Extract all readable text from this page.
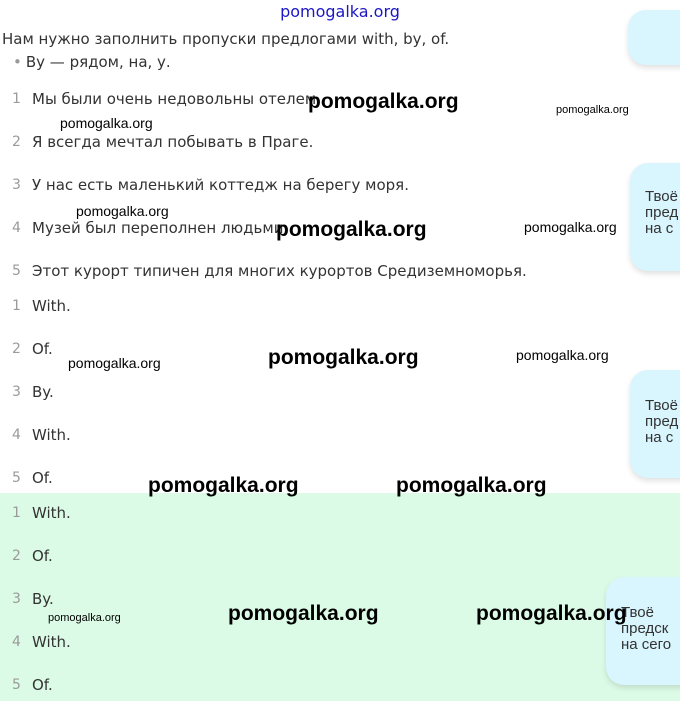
pomogalka.org
Нам нужно заполнить пропуски предлогами with, by, of.
• By — рядом, на, у.
1 Мы были очень недовольны отелем.
2 Я всегда мечтал побывать в Праге.
3 У нас есть маленький коттедж на берегу моря.
4 Музей был переполнен людьми.
5 Этот курорт типичен для многих курортов Средиземноморья.
1 With.
2 Of.
3 By.
4 With.
5 Of.
1 With.
2 Of.
3 By.
4 With.
5 Of.

Твоё

пред

на с

Твоё

пред

на с

Твоё

предск

на сего

pomogalka.org	pomogalka.org
pomogalka.org
pomogalka.org
pomogalka.org	pomogalka.org
pomogalka.org	pomogalka.org
pomogalka.org
pomogalka.org	pomogalka.org
pomogalka.org	pomogalka.org
pomogalka.org
